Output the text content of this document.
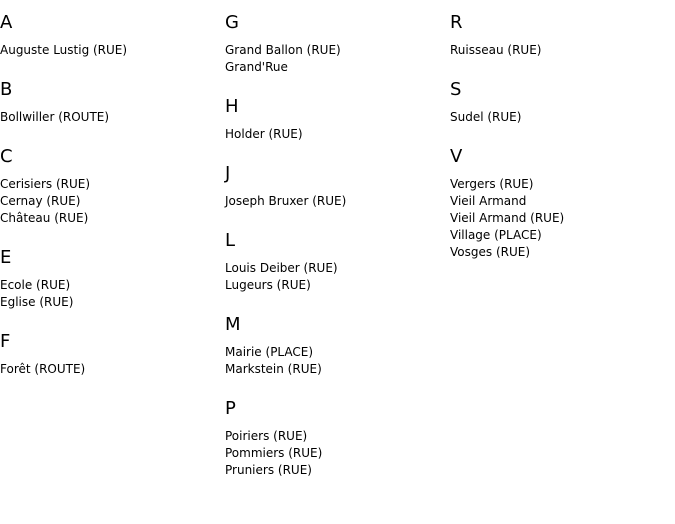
A
Auguste Lustig (RUE)
B
Bollwiller (ROUTE)
C
Cerisiers (RUE)
Cernay (RUE)
Château (RUE)
E
Ecole (RUE)
Eglise (RUE)
F
Forêt (ROUTE)
G
Grand Ballon (RUE)
Grand'Rue
H
Holder (RUE)
J
Joseph Bruxer (RUE)
L
Louis Deiber (RUE)
Lugeurs (RUE)
M
Mairie (PLACE)
Markstein (RUE)
P
Poiriers (RUE)
Pommiers (RUE)
Pruniers (RUE)
R
Ruisseau (RUE)
S
Sudel (RUE)
V
Vergers (RUE)
Vieil Armand
Vieil Armand (RUE)
Village (PLACE)
Vosges (RUE)
